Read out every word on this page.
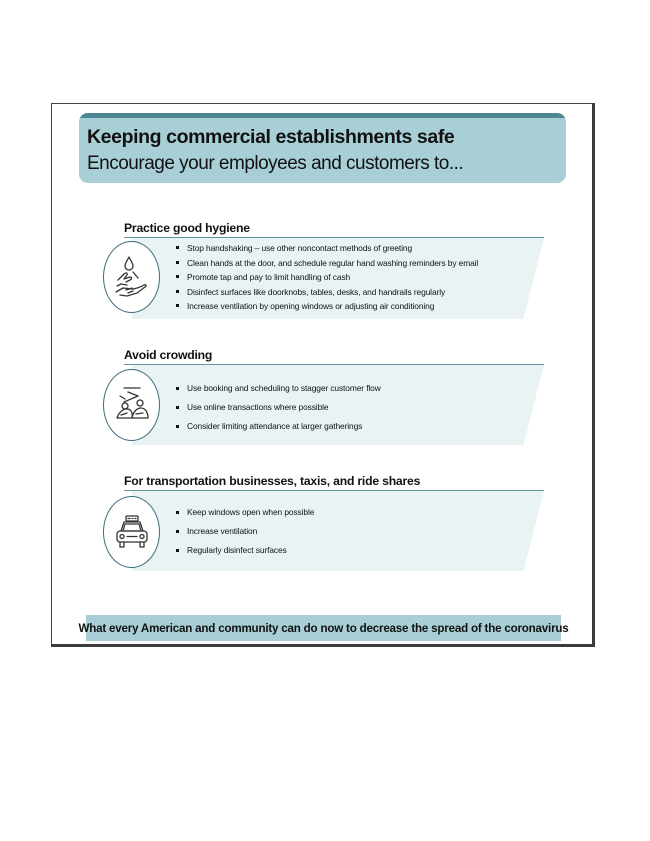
Keeping commercial establishments safe
Encourage your employees and customers to...
Practice good hygiene
Stop handshaking – use other noncontact methods of greeting
Clean hands at the door, and schedule regular hand washing reminders by email
Promote tap and pay to limit handling of cash
Disinfect surfaces like doorknobs, tables, desks, and handrails regularly
Increase ventilation by opening windows or adjusting air conditioning
Avoid crowding
Use booking and scheduling to stagger customer flow
Use online transactions where possible
Consider limiting attendance at larger gatherings
For transportation businesses, taxis, and ride shares
Keep windows open when possible
Increase ventilation
Regularly disinfect surfaces
What every American and community can do now to decrease the spread of the coronavirus
